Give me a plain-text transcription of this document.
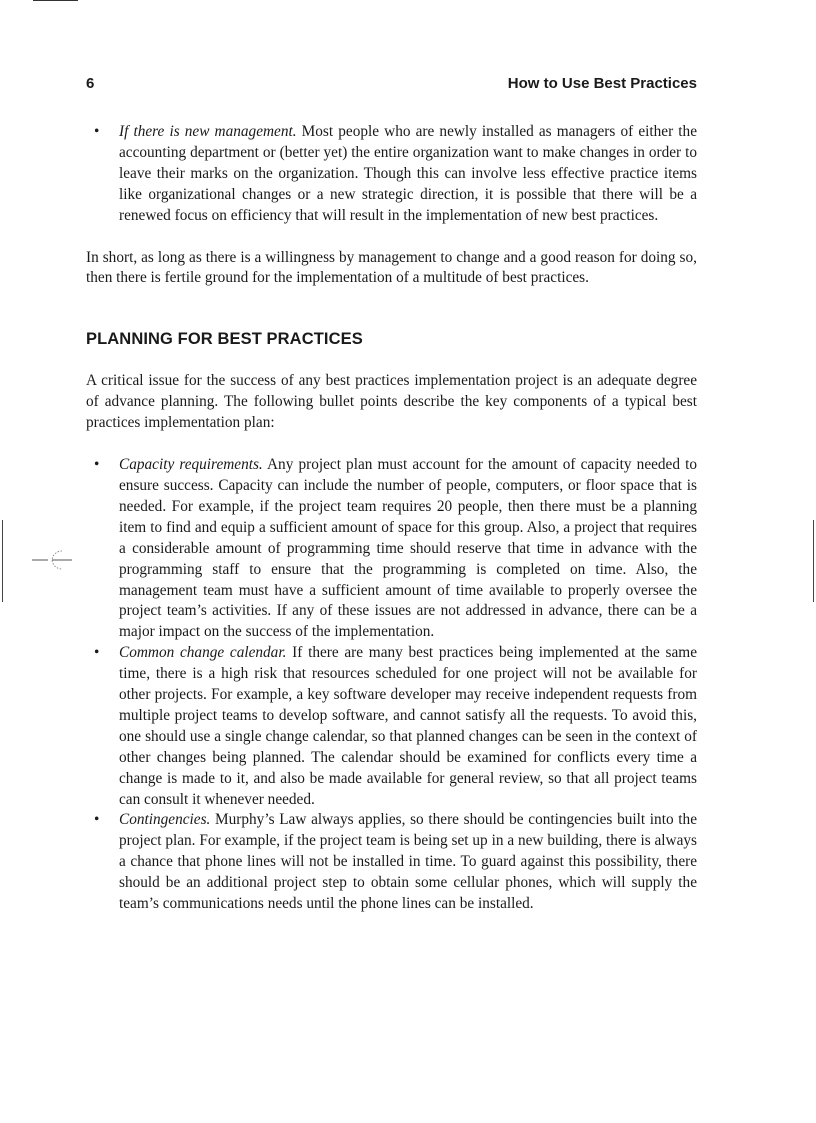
6	How to Use Best Practices
• If there is new management. Most people who are newly installed as managers of either the accounting department or (better yet) the entire organization want to make changes in order to leave their marks on the organization. Though this can involve less effective practice items like organizational changes or a new strategic direction, it is possible that there will be a renewed focus on efficiency that will result in the implementation of new best practices.

In short, as long as there is a willingness by management to change and a good reason for doing so, then there is fertile ground for the implementation of a multitude of best practices.

PLANNING FOR BEST PRACTICES

A critical issue for the success of any best practices implementation project is an adequate degree of advance planning. The following bullet points describe the key components of a typical best practices implementation plan:

• Capacity requirements. Any project plan must account for the amount of capacity needed to ensure success. Capacity can include the number of people, computers, or floor space that is needed. For example, if the project team requires 20 people, then there must be a planning item to find and equip a sufficient amount of space for this group. Also, a project that requires a considerable amount of programming time should reserve that time in advance with the programming staff to ensure that the programming is completed on time. Also, the management team must have a sufficient amount of time available to properly oversee the project team’s activities. If any of these issues are not addressed in advance, there can be a major impact on the success of the implementation.
• Common change calendar. If there are many best practices being implemented at the same time, there is a high risk that resources scheduled for one project will not be available for other projects. For example, a key software developer may receive independent requests from multiple project teams to develop software, and cannot satisfy all the requests. To avoid this, one should use a single change calendar, so that planned changes can be seen in the context of other changes being planned. The calendar should be examined for conflicts every time a change is made to it, and also be made available for general review, so that all project teams can consult it whenever needed.
• Contingencies. Murphy’s Law always applies, so there should be contingencies built into the project plan. For example, if the project team is being set up in a new building, there is always a chance that phone lines will not be installed in time. To guard against this possibility, there should be an additional project step to obtain some cellular phones, which will supply the team’s communications needs until the phone lines can be installed.
